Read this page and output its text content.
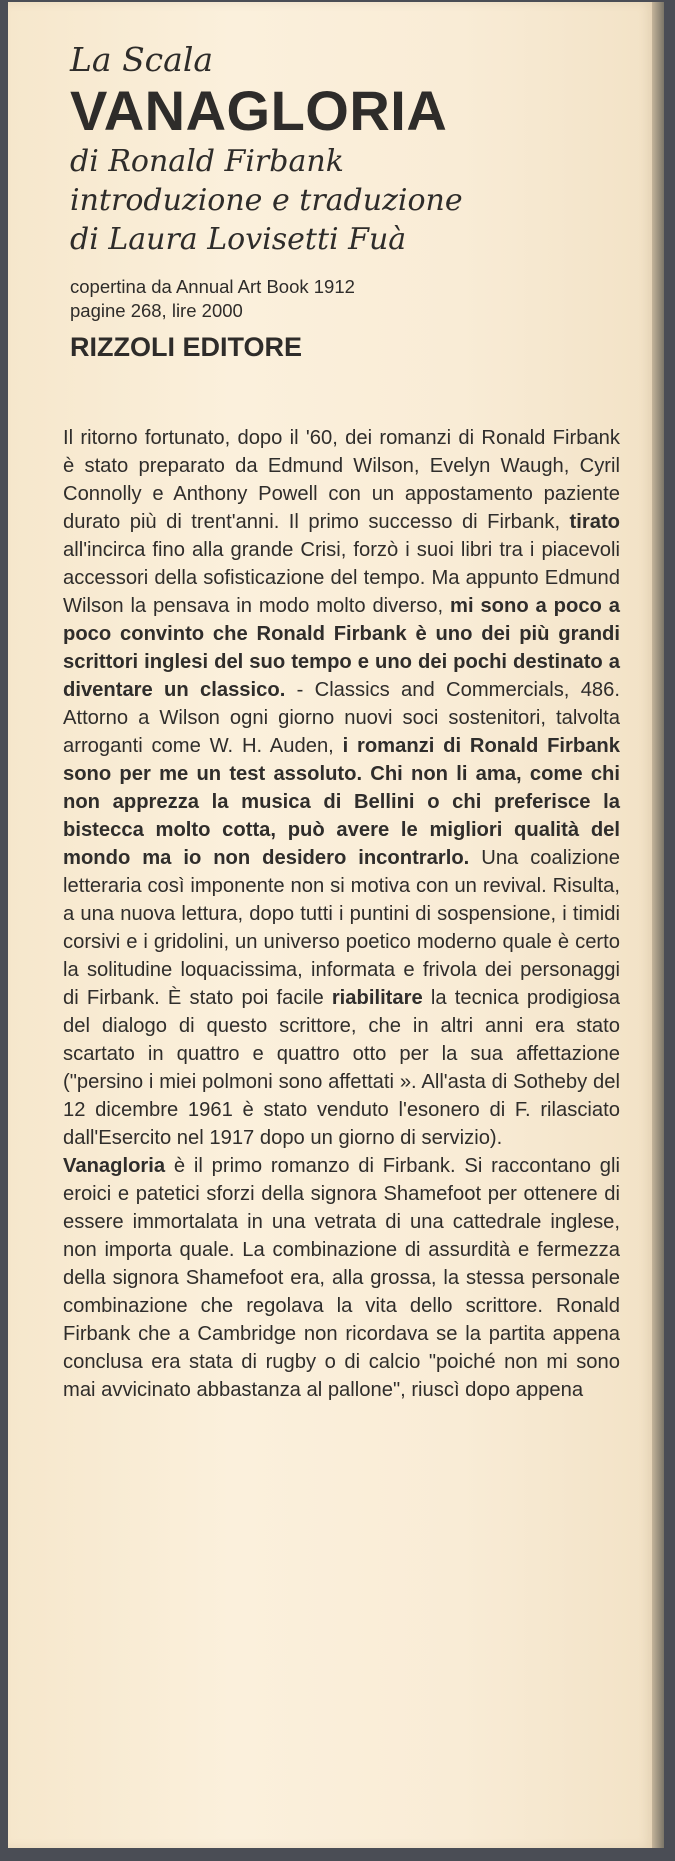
La Scala

VANAGLORIA

di Ronald Firbank

introduzione e traduzione

di Laura Lovisetti Fuà

copertina da Annual Art Book 1912

pagine 268, lire 2000

RIZZOLI EDITORE

Il ritorno fortunato, dopo il '60, dei romanzi di Ronald Firbank è stato preparato da Edmund Wilson, Evelyn Waugh, Cyril Connolly e Anthony Powell con un appostamento paziente durato più di trent'anni. Il primo successo di Firbank, tirato all'incirca fino alla grande Crisi, forzò i suoi libri tra i piacevoli accessori della sofisticazione del tempo. Ma appunto Edmund Wilson la pensava in modo molto diverso, mi sono a poco a poco convinto che Ronald Firbank è uno dei più grandi scrittori inglesi del suo tempo e uno dei pochi destinato a diventare un classico. - Classics and Commercials, 486. Attorno a Wilson ogni giorno nuovi soci sostenitori, talvolta arroganti come W. H. Auden, i romanzi di Ronald Firbank sono per me un test assoluto. Chi non li ama, come chi non apprezza la musica di Bellini o chi preferisce la bistecca molto cotta, può avere le migliori qualità del mondo ma io non desidero incontrarlo. Una coalizione letteraria così imponente non si motiva con un revival. Risulta, a una nuova lettura, dopo tutti i puntini di sospensione, i timidi corsivi e i gridolini, un universo poetico moderno quale è certo la solitudine loquacissima, informata e frivola dei personaggi di Firbank. È stato poi facile riabilitare la tecnica prodigiosa del dialogo di questo scrittore, che in altri anni era stato scartato in quattro e quattro otto per la sua affettazione ("persino i miei polmoni sono affettati ». All'asta di Sotheby del 12 dicembre 1961 è stato venduto l'esonero di F. rilasciato dall'Esercito nel 1917 dopo un giorno di servizio).

Vanagloria è il primo romanzo di Firbank. Si raccontano gli eroici e patetici sforzi della signora Shamefoot per ottenere di essere immortalata in una vetrata di una cattedrale inglese, non importa quale. La combinazione di assurdità e fermezza della signora Shamefoot era, alla grossa, la stessa personale combinazione che regolava la vita dello scrittore. Ronald Firbank che a Cambridge non ricordava se la partita appena conclusa era stata di rugby o di calcio "poiché non mi sono mai avvicinato abbastanza al pallone", riuscì dopo appena
